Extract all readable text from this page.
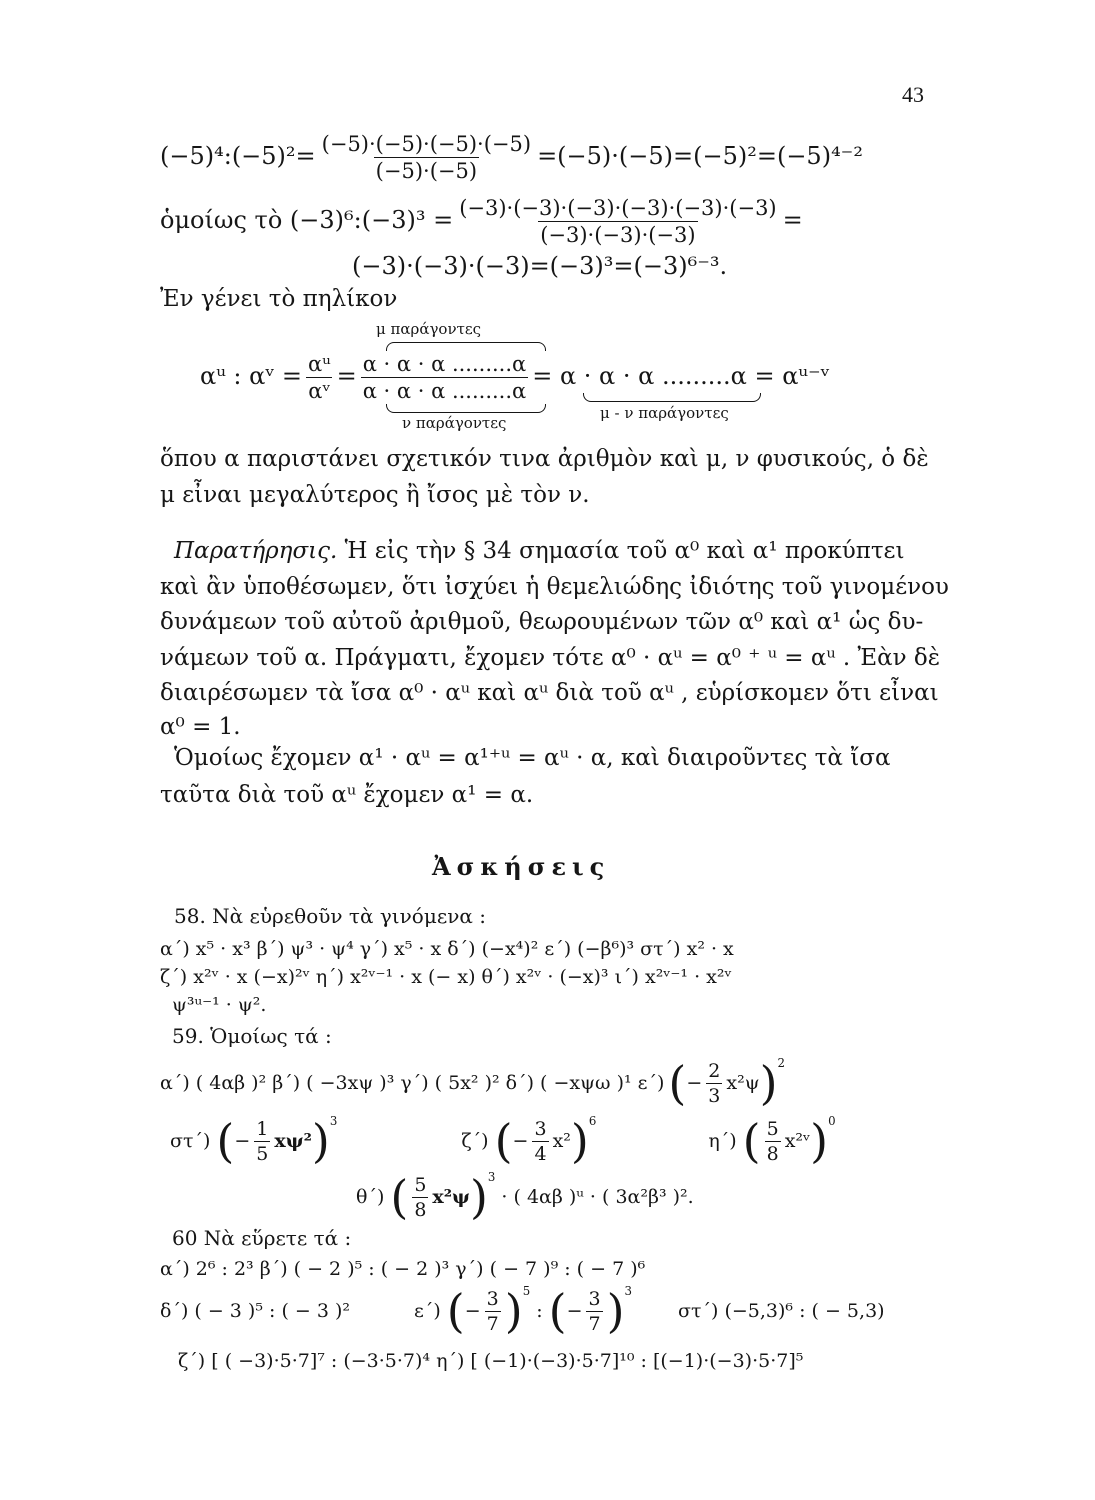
43
(−5)⁴:(−5)²= $\frac{(-5)\cdot(-5)\cdot(-5)\cdot(-5)}{(-5)\cdot(-5)} =(-5)\cdot(-5)=(-5)^2=(-5)^{4-2}$
ὁμοίως τὸ (−3)⁶:(−3)³ = $\frac{(-3)\cdot(-3)\cdot(-3)\cdot(-3)\cdot(-3)\cdot(-3)}{(-3)\cdot(-3)\cdot(-3)}$ =
(−3)·(−3)·(−3)=(−3)³=(−3)⁶⁻³.
Ἐν γένει τὸ πηλίκον
μ παράγοντες
αᵘ : αᵛ = $\frac{\text{αᵘ}}{\text{αᵛ}} = \frac{\alpha \cdot \alpha \cdot \alpha .........\alpha}{\alpha \cdot \alpha \cdot \alpha .........\alpha} = \alpha \cdot \alpha \cdot \alpha$ .........α = αᵘ⁻ᵛ
ν παράγοντες
μ - ν παράγοντες
ὅπου α παριστάνει σχετικόν τινα ἀριθμὸν καὶ μ, ν φυσικούς, ὁ δὲ
μ εἶναι μεγαλύτερος ἢ ἴσος μὲ τὸν ν.
Παρατήρησις. Ἡ εἰς τὴν § 34 σημασία τοῦ α⁰ καὶ α¹ προκύπτει
καὶ ἂν ὑποθέσωμεν, ὅτι ἰσχύει ἡ θεμελιώδης ἰδιότης τοῦ γινομένου
δυνάμεων τοῦ αὐτοῦ ἀριθμοῦ, θεωρουμένων τῶν α⁰ καὶ α¹ ὡς δυ-
νάμεων τοῦ α. Πράγματι, ἔχομεν τότε α⁰ · αᵘ = α⁰ ⁺ ᵘ = αᵘ . Ἐὰν δὲ
διαιρέσωμεν τὰ ἴσα α⁰ · αᵘ καὶ αᵘ διὰ τοῦ αᵘ , εὑρίσκομεν ὅτι εἶναι
α⁰ = 1.
Ὁμοίως ἔχομεν α¹ · αᵘ = α¹⁺ᵘ = αᵘ · α, καὶ διαιροῦντες τὰ ἴσα
ταῦτα διὰ τοῦ αᵘ ἔχομεν α¹ = α.
Ἀσκήσεις
58. Νὰ εὑρεθοῦν τὰ γινόμενα :
α΄) x⁵ · x³ β΄) ψ³ · ψ⁴ γ΄) x⁵ · x δ΄) (−x⁴)² ε΄) (−β⁶)³ στ΄) x² · x
ζ΄) x²ᵛ · x (−x)²ᵛ η΄) x²ᵛ⁻¹ · x (− x) θ΄) x²ᵛ · (−x)³ ι΄) x²ᵛ⁻¹ · x²ᵛ
ψ³ᵘ⁻¹ · ψ².
59. Ὁμοίως τά :
α΄) ( 4αβ )² β΄) ( −3xψ )³ γ΄) ( 5x² )² δ΄) ( −xψω )¹ ε΄) ( − $\frac{2}{3} x^2\psi$ )$^2$
στ΄) ( − $\frac{1}{5} x\psi^2$ )$^3$
ζ΄) ( − $\frac{3}{4} x^2$ )$^6$
η΄) ( $\frac{5}{8}$ x²ᵛ )$^0$
θ΄) ( $\frac{5}{8} x^2\psi$ )$^3$
· ( 4αβ )ᵘ · ( 3α²β³ )².
60 Νὰ εὕρετε τά :
α΄) 2⁶ : 2³ β΄) ( − 2 )⁵ : ( − 2 )³ γ΄) ( − 7 )⁹ : ( − 7 )⁶
δ΄) ( − 3 )⁵ : ( − 3 )²	ε΄) ( − $\frac{3}{7} )^5$
: ( − $\frac{3}{7} )^3$
στ΄) (−5,3)⁶ : ( − 5,3)
ζ΄) [ ( −3)·5·7]⁷ : (−3·5·7)⁴ η΄) [ (−1)·(−3)·5·7]¹⁰ : [(−1)·(−3)·5·7]⁵
